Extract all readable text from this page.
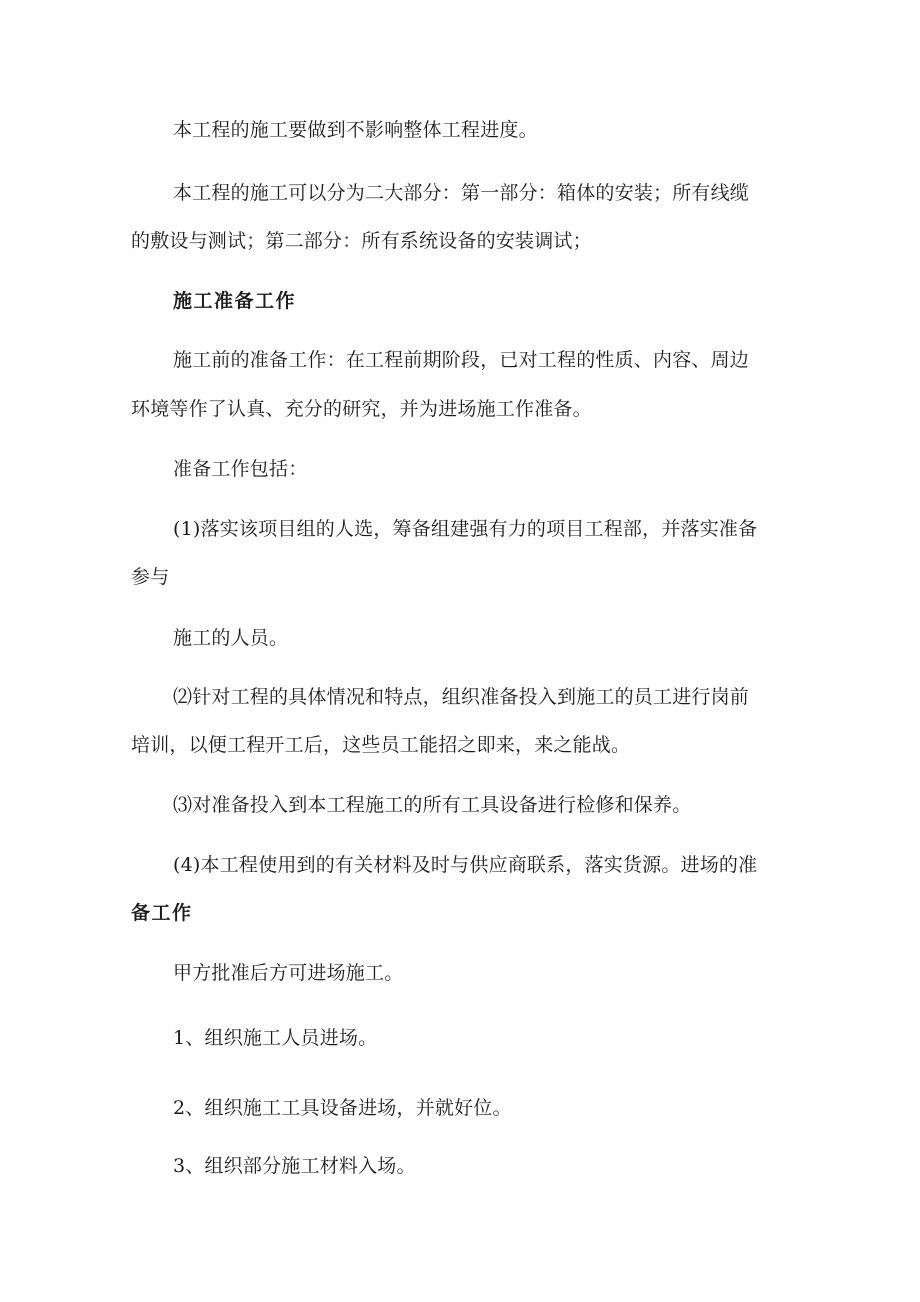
本工程的施工要做到不影响整体工程进度。
本工程的施工可以分为二大部分：第一部分：箱体的安装；所有线缆
的敷设与测试；第二部分：所有系统设备的安装调试；
施工准备工作
施工前的准备工作：在工程前期阶段，已对工程的性质、内容、周边
环境等作了认真、充分的研究，并为进场施工作准备。
准备工作包括：
(1)落实该项目组的人选，筹备组建强有力的项目工程部，并落实准备
参与
施工的人员。
⑵针对工程的具体情况和特点，组织准备投入到施工的员工进行岗前
培训，以便工程开工后，这些员工能招之即来，来之能战。
⑶对准备投入到本工程施工的所有工具设备进行检修和保养。
(4)本工程使用到的有关材料及时与供应商联系，落实货源。进场的准
备工作
甲方批准后方可进场施工。
1、组织施工人员进场。
2、组织施工工具设备进场，并就好位。
3、组织部分施工材料入场。
